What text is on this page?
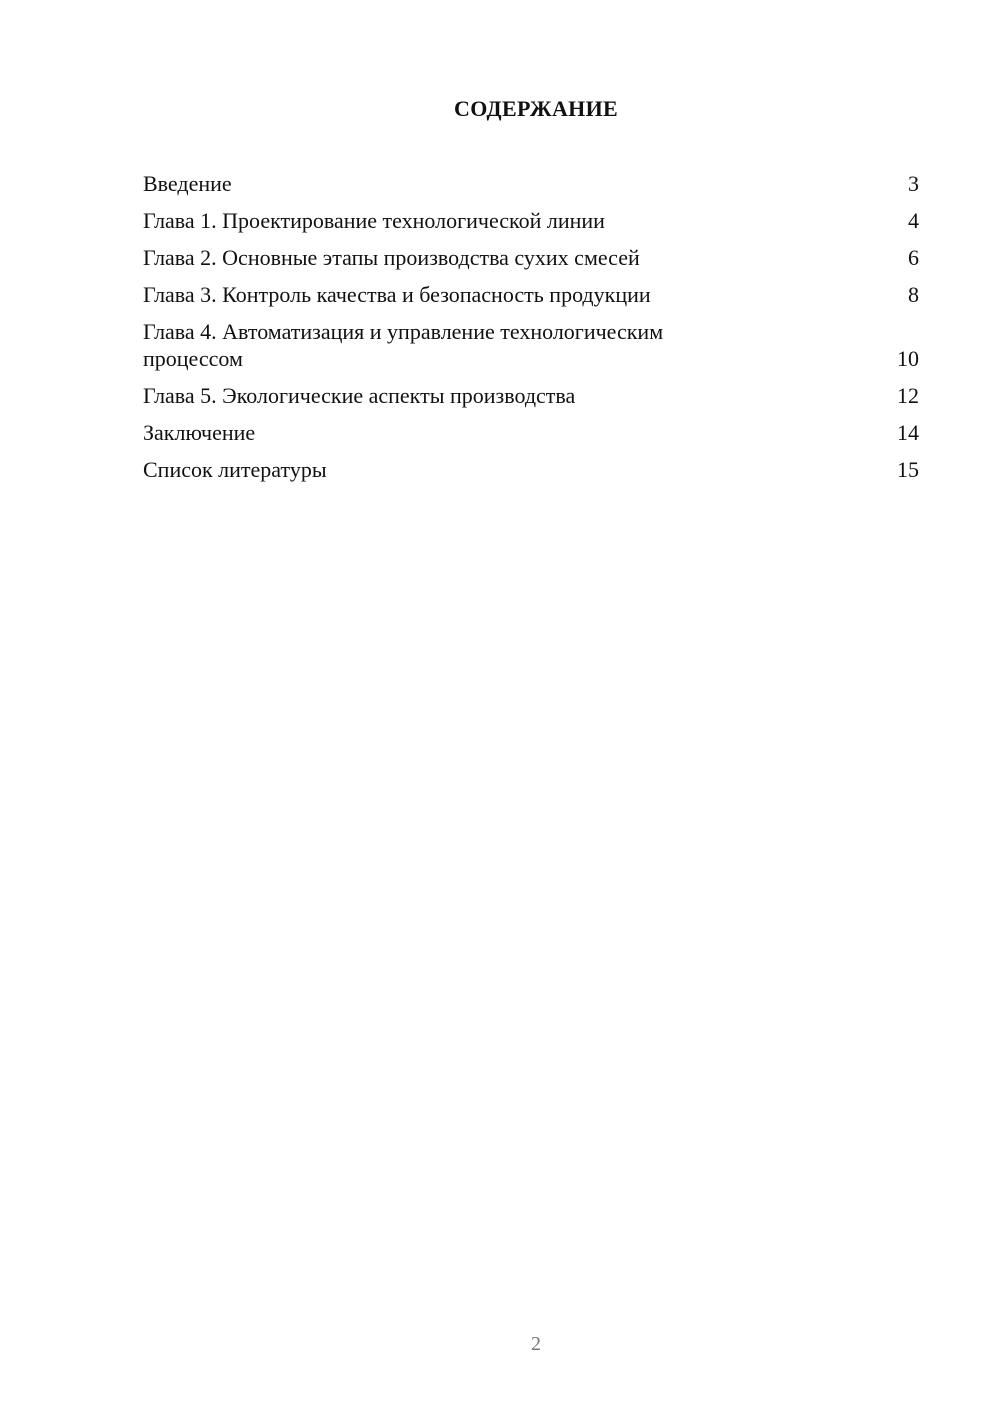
СОДЕРЖАНИЕ
Введение	3
Глава 1. Проектирование технологической линии	4
Глава 2. Основные этапы производства сухих смесей	6
Глава 3. Контроль качества и безопасность продукции	8
Глава 4. Автоматизация и управление технологическим процессом	10
Глава 5. Экологические аспекты производства	12
Заключение	14
Список литературы	15
2
